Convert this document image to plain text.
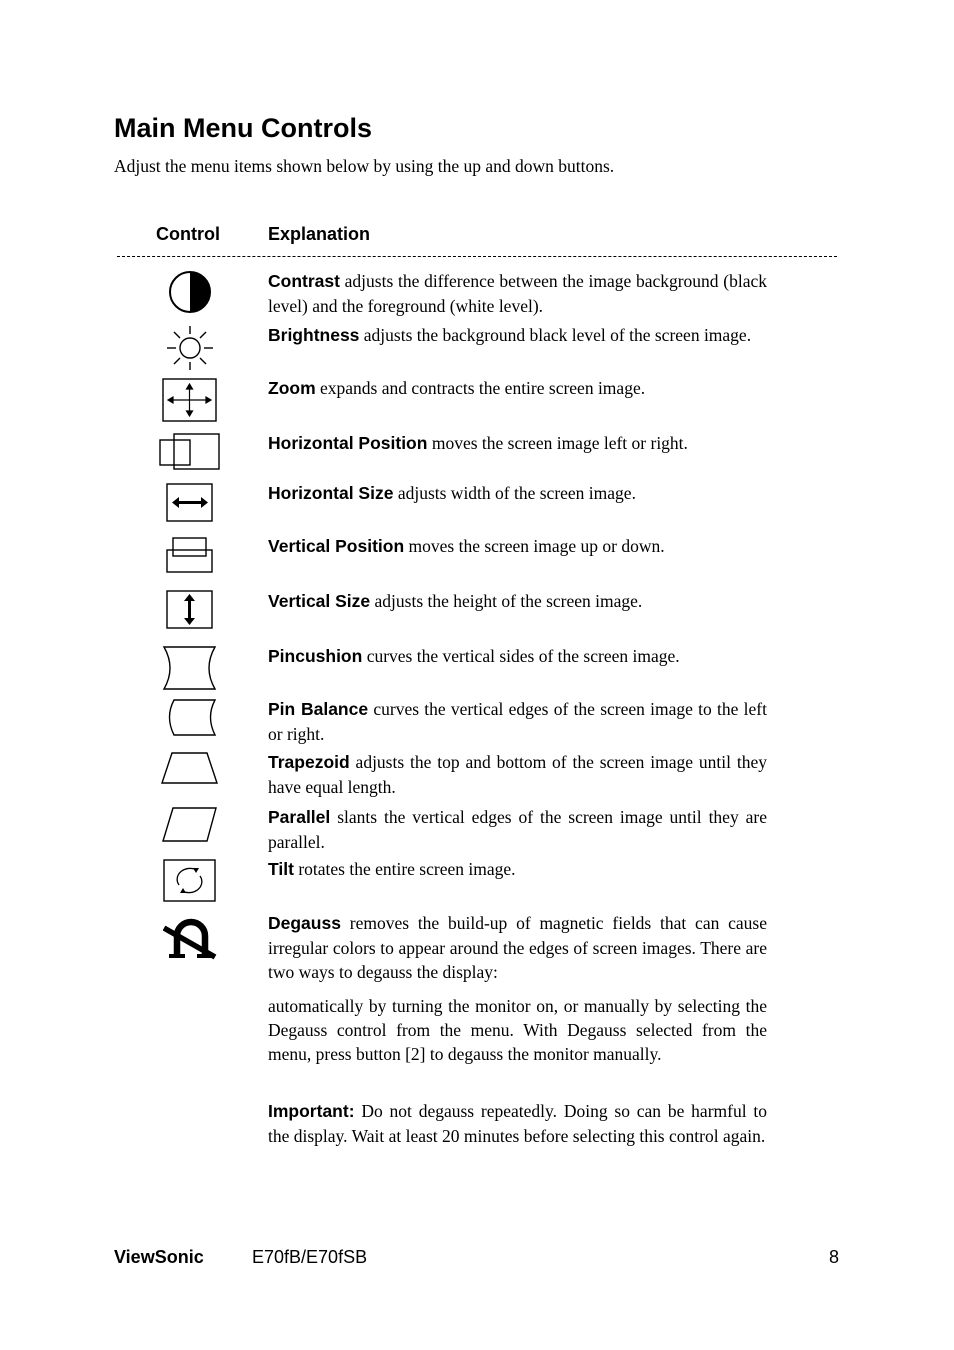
Main Menu Controls
Adjust the menu items shown below by using the up and down buttons.
Control	Explanation
Contrast adjusts the difference between the image background (black level) and the foreground (white level).
Brightness adjusts the background black level of the screen image.
Zoom expands and contracts the entire screen image.
Horizontal Position moves the screen image left or right.
Horizontal Size adjusts width of the screen image.
Vertical Position moves the screen image up or down.
Vertical Size adjusts the height of the screen image.
Pincushion curves the vertical sides of the screen image.
Pin Balance curves the vertical edges of the screen image to the left or right.
Trapezoid adjusts the top and bottom of the screen image until they have equal length.
Parallel slants the vertical edges of the screen image until they are parallel.
Tilt rotates the entire screen image.
Degauss removes the build-up of magnetic fields that can cause irregular colors to appear around the edges of screen images. There are two ways to degauss the display:
automatically by turning the monitor on, or manually by selecting the Degauss control from the menu. With Degauss selected from the menu, press button [2] to degauss the monitor manually.
Important: Do not degauss repeatedly. Doing so can be harmful to the display. Wait at least 20 minutes before selecting this control again.
ViewSonic	E70fB/E70fSB	8
